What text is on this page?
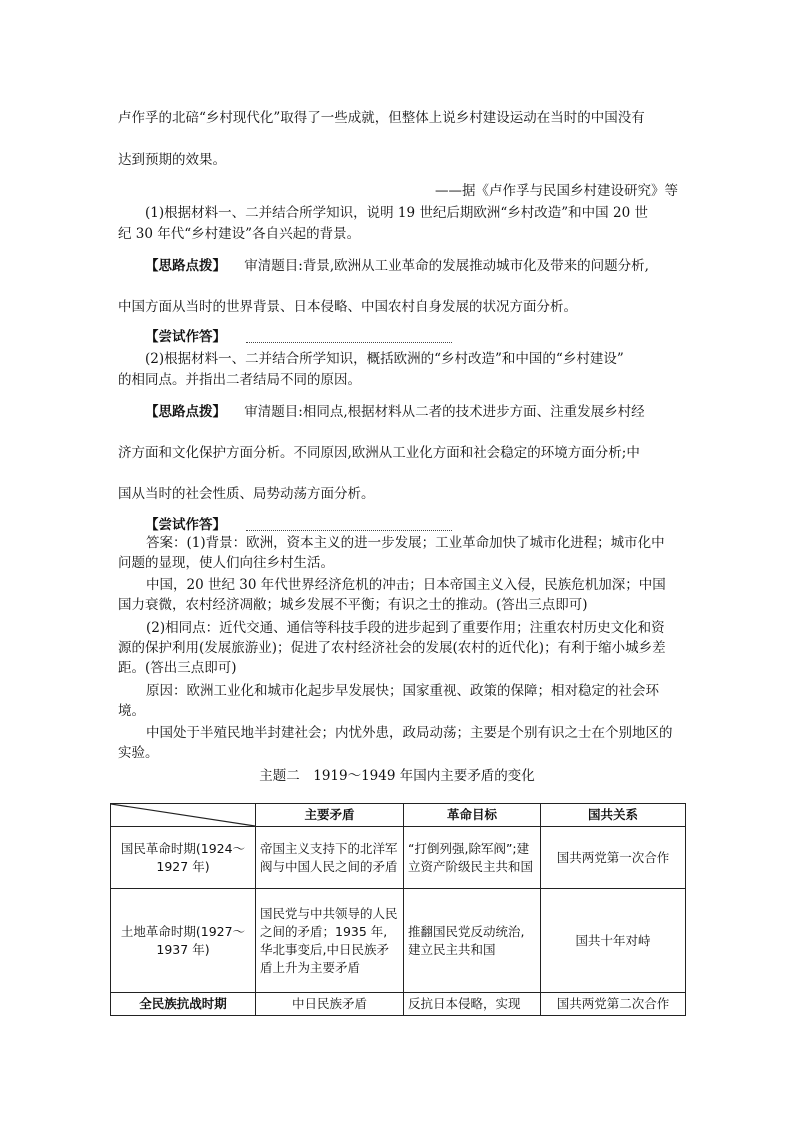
卢作孚的北碚“乡村现代化”取得了一些成就，但整体上说乡村建设运动在当时的中国没有
达到预期的效果。
——据《卢作孚与民国乡村建设研究》等
(1)根据材料一、二并结合所学知识，说明 19 世纪后期欧洲“乡村改造”和中国 20 世
纪 30 年代“乡村建设”各自兴起的背景。
【思路点拨】 审清题目:背景,欧洲从工业革命的发展推动城市化及带来的问题分析,
中国方面从当时的世界背景、日本侵略、中国农村自身发展的状况方面分析。
【尝试作答】
(2)根据材料一、二并结合所学知识，概括欧洲的“乡村改造”和中国的“乡村建设”
的相同点。并指出二者结局不同的原因。
【思路点拨】 审清题目:相同点,根据材料从二者的技术进步方面、注重发展乡村经
济方面和文化保护方面分析。不同原因,欧洲从工业化方面和社会稳定的环境方面分析;中
国从当时的社会性质、局势动荡方面分析。
【尝试作答】
答案：(1)背景：欧洲，资本主义的进一步发展；工业革命加快了城市化进程；城市化中问题的显现，使人们向往乡村生活。
中国，20 世纪 30 年代世界经济危机的冲击；日本帝国主义入侵，民族危机加深；中国国力衰微，农村经济凋敝；城乡发展不平衡；有识之士的推动。(答出三点即可)
(2)相同点：近代交通、通信等科技手段的进步起到了重要作用；注重农村历史文化和资源的保护利用(发展旅游业)；促进了农村经济社会的发展(农村的近代化)；有利于缩小城乡差距。(答出三点即可)
原因：欧洲工业化和城市化起步早发展快；国家重视、政策的保障；相对稳定的社会环境。
中国处于半殖民地半封建社会；内忧外患，政局动荡；主要是个别有识之士在个别地区的实验。
主题二　1919～1949 年国内主要矛盾的变化
	主要矛盾	革命目标	国共关系
国民革命时期(1924～1927 年)	帝国主义支持下的北洋军阀与中国人民之间的矛盾	“打倒列强,除军阀”;建立资产阶级民主共和国	国共两党第一次合作
土地革命时期(1927～1937 年)	国民党与中共领导的人民之间的矛盾；1935 年,华北事变后,中日民族矛盾上升为主要矛盾	推翻国民党反动统治,建立民主共和国	国共十年对峙
全民族抗战时期	中日民族矛盾	反抗日本侵略，实现	国共两党第二次合作
